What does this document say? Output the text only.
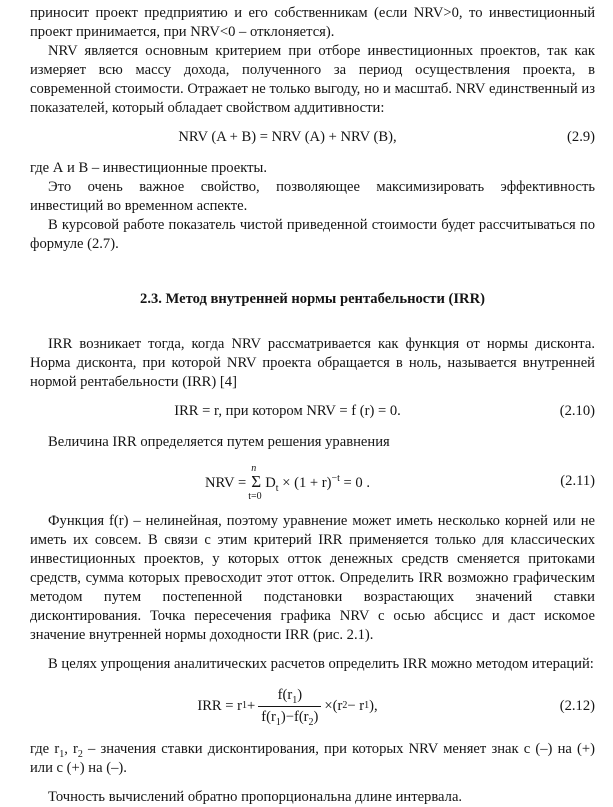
приносит проект предприятию и его собственникам (если NRV>0, то инвестиционный проект принимается, при NRV<0 – отклоняется).

NRV является основным критерием при отборе инвестиционных проектов, так как измеряет всю массу дохода, полученного за период осуществления проекта, в современной стоимости. Отражает не только выгоду, но и масштаб. NRV единственный из показателей, который обладает свойством аддитивности:

NRV (A + B) = NRV (A) + NRV (B),	(2.9)

где А и В – инвестиционные проекты.

Это очень важное свойство, позволяющее максимизировать эффективность инвестиций во временном аспекте.

В курсовой работе показатель чистой приведенной стоимости будет рассчитываться по формуле (2.7).

2.3. Метод внутренней нормы рентабельности (IRR)

IRR возникает тогда, когда NRV рассматривается как функция от нормы дисконта. Норма дисконта, при которой NRV проекта обращается в ноль, называется внутренней нормой рентабельности (IRR) [4]

IRR = r, при котором NRV = f (r) = 0.	(2.10)

Величина IRR определяется путем решения уравнения

NRV =
n
Σ
t=0
$D_t \times (1 + r)^{-t} = 0$ .	(2.11)

Функция f(r) – нелинейная, поэтому уравнение может иметь несколько корней или не иметь их совсем. В связи с этим критерий IRR применяется только для классических инвестиционных проектов, у которых отток денежных средств сменяется притоками средств, сумма которых превосходит этот отток. Определить IRR возможно графическим методом путем постепенной подстановки возрастающих значений ставки дисконтирования. Точка пересечения графика NRV с осью абсцисс и даст искомое значение внутренней нормы доходности IRR (рис. 2.1).

В целях упрощения аналитических расчетов определить IRR можно методом итераций:

IRR = r $1 + \frac{f(r_1)}{f(r_1)-f(r_2)} \times (r$ 2 − r 1 ),	(2.12)

где $r_1$, $r_2$ – значения ставки дисконтирования, при которых NRV меняет знак с (–) на (+) или с (+) на (–).

Точность вычислений обратно пропорциональна длине интервала.
